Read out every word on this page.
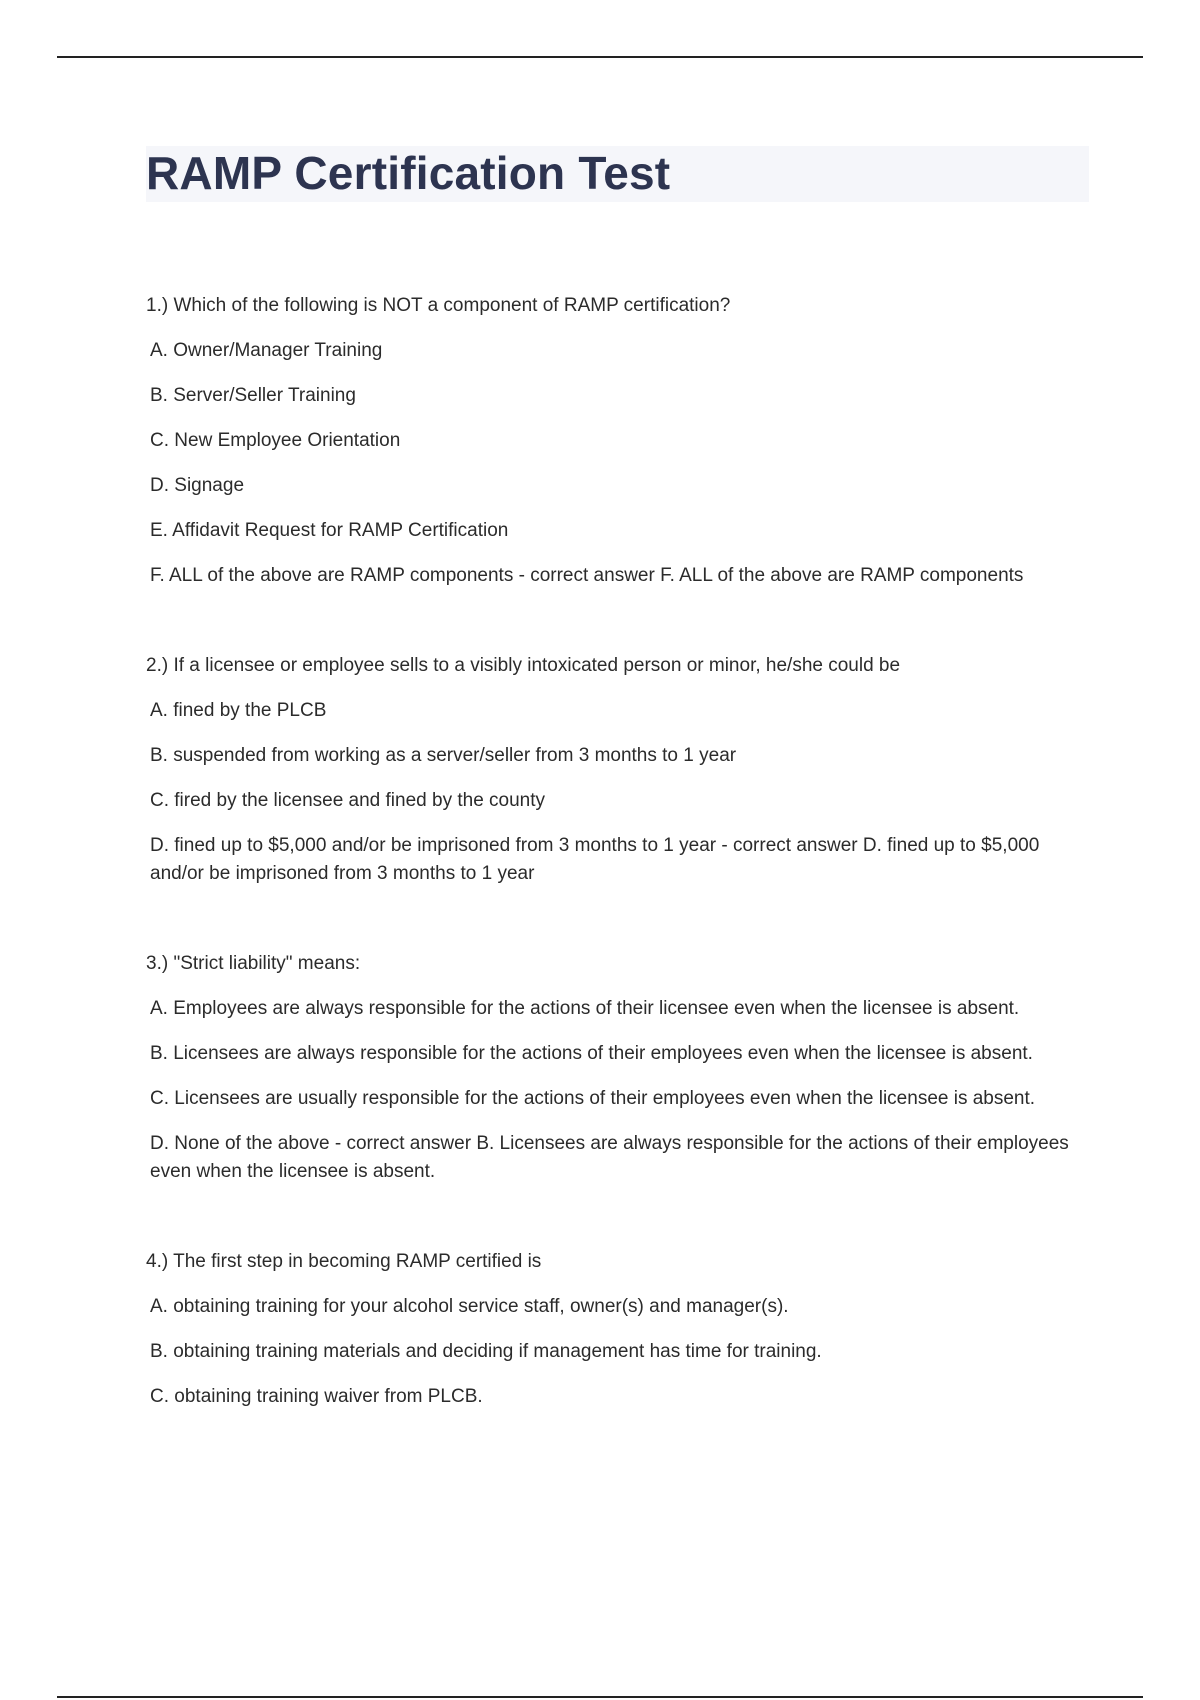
RAMP Certification Test

1.) Which of the following is NOT a component of RAMP certification?

A. Owner/Manager Training

B. Server/Seller Training

C. New Employee Orientation

D. Signage

E. Affidavit Request for RAMP Certification

F. ALL of the above are RAMP components - correct answer F. ALL of the above are RAMP components

2.) If a licensee or employee sells to a visibly intoxicated person or minor, he/she could be

A. fined by the PLCB

B. suspended from working as a server/seller from 3 months to 1 year

C. fired by the licensee and fined by the county

D. fined up to $5,000 and/or be imprisoned from 3 months to 1 year - correct answer D. fined up to $5,000 and/or be imprisoned from 3 months to 1 year

3.) "Strict liability" means:

A. Employees are always responsible for the actions of their licensee even when the licensee is absent.

B. Licensees are always responsible for the actions of their employees even when the licensee is absent.

C. Licensees are usually responsible for the actions of their employees even when the licensee is absent.

D. None of the above - correct answer B. Licensees are always responsible for the actions of their employees even when the licensee is absent.

4.) The first step in becoming RAMP certified is

A. obtaining training for your alcohol service staff, owner(s) and manager(s).

B. obtaining training materials and deciding if management has time for training.

C. obtaining training waiver from PLCB.
